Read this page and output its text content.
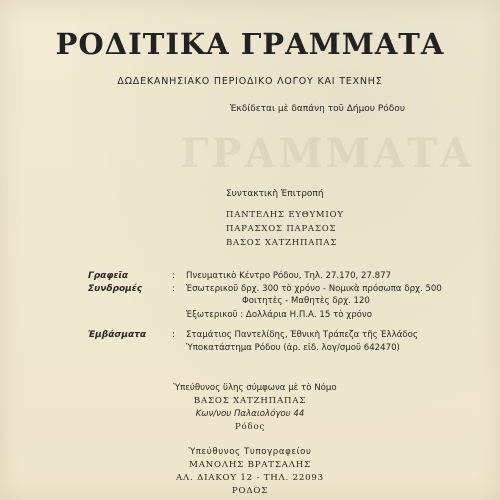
ΓΡΑΜΜΑΤΑ
ΡΟΔΙΤΙΚΑ ΓΡΑΜΜΑΤΑ
ΔΩΔΕΚΑΝΗΣΙΑΚΟ ΠΕΡΙΟΔΙΚΟ ΛΟΓΟΥ ΚΑΙ ΤΕΧΝΗΣ
Ἐκδίδεται μὲ δαπάνη τοῦ Δήμου Ρόδου
Συντακτικὴ Ἐπιτροπή
ΠΑΝΤΕΛΗΣ ΕΥΘΥΜΙΟΥ
ΠΑΡΑΣΧΟΣ ΠΑΡΑΣΟΣ
ΒΑΣΟΣ ΧΑΤΖΗΠΑΠΑΣ
Γραφεῖα	: Πνευματικὸ Κέντρο Ρόδου, Τηλ. 27.170, 27.877
Συνδρομές	: Ἐσωτερικοῦ δρχ. 300 τὸ χρόνο - Νομικὰ πρόσωπα δρχ. 500
Φοιτητὲς - Μαθητὲς δρχ. 120
Ἐξωτερικοῦ : Δολλάρια Η.Π.Α. 15 τὸ χρόνο
Ἐμβάσματα	: Σταμάτιος Παντελίδης, Ἐθνικὴ Τράπεζα τῆς Ἑλλάδος
Ὑποκατάστημα Ρόδου (ἀρ. εἰδ. λογ/σμοῦ 642470)
Ὑπεύθυνος ὕλης σύμφωνα μὲ τὸ Νόμο
ΒΑΣΟΣ ΧΑΤΖΗΠΑΠΑΣ
Κων/νου Παλαιολόγου 44
Ρόδος
Ὑπεύθυνος Τυπογραφείου
ΜΑΝΟΛΗΣ ΒΡΑΤΣΑΛΗΣ
ΑΛ. ΔΙΑΚΟΥ 12 - ΤΗΛ. 22093
ΡΟΔΟΣ
